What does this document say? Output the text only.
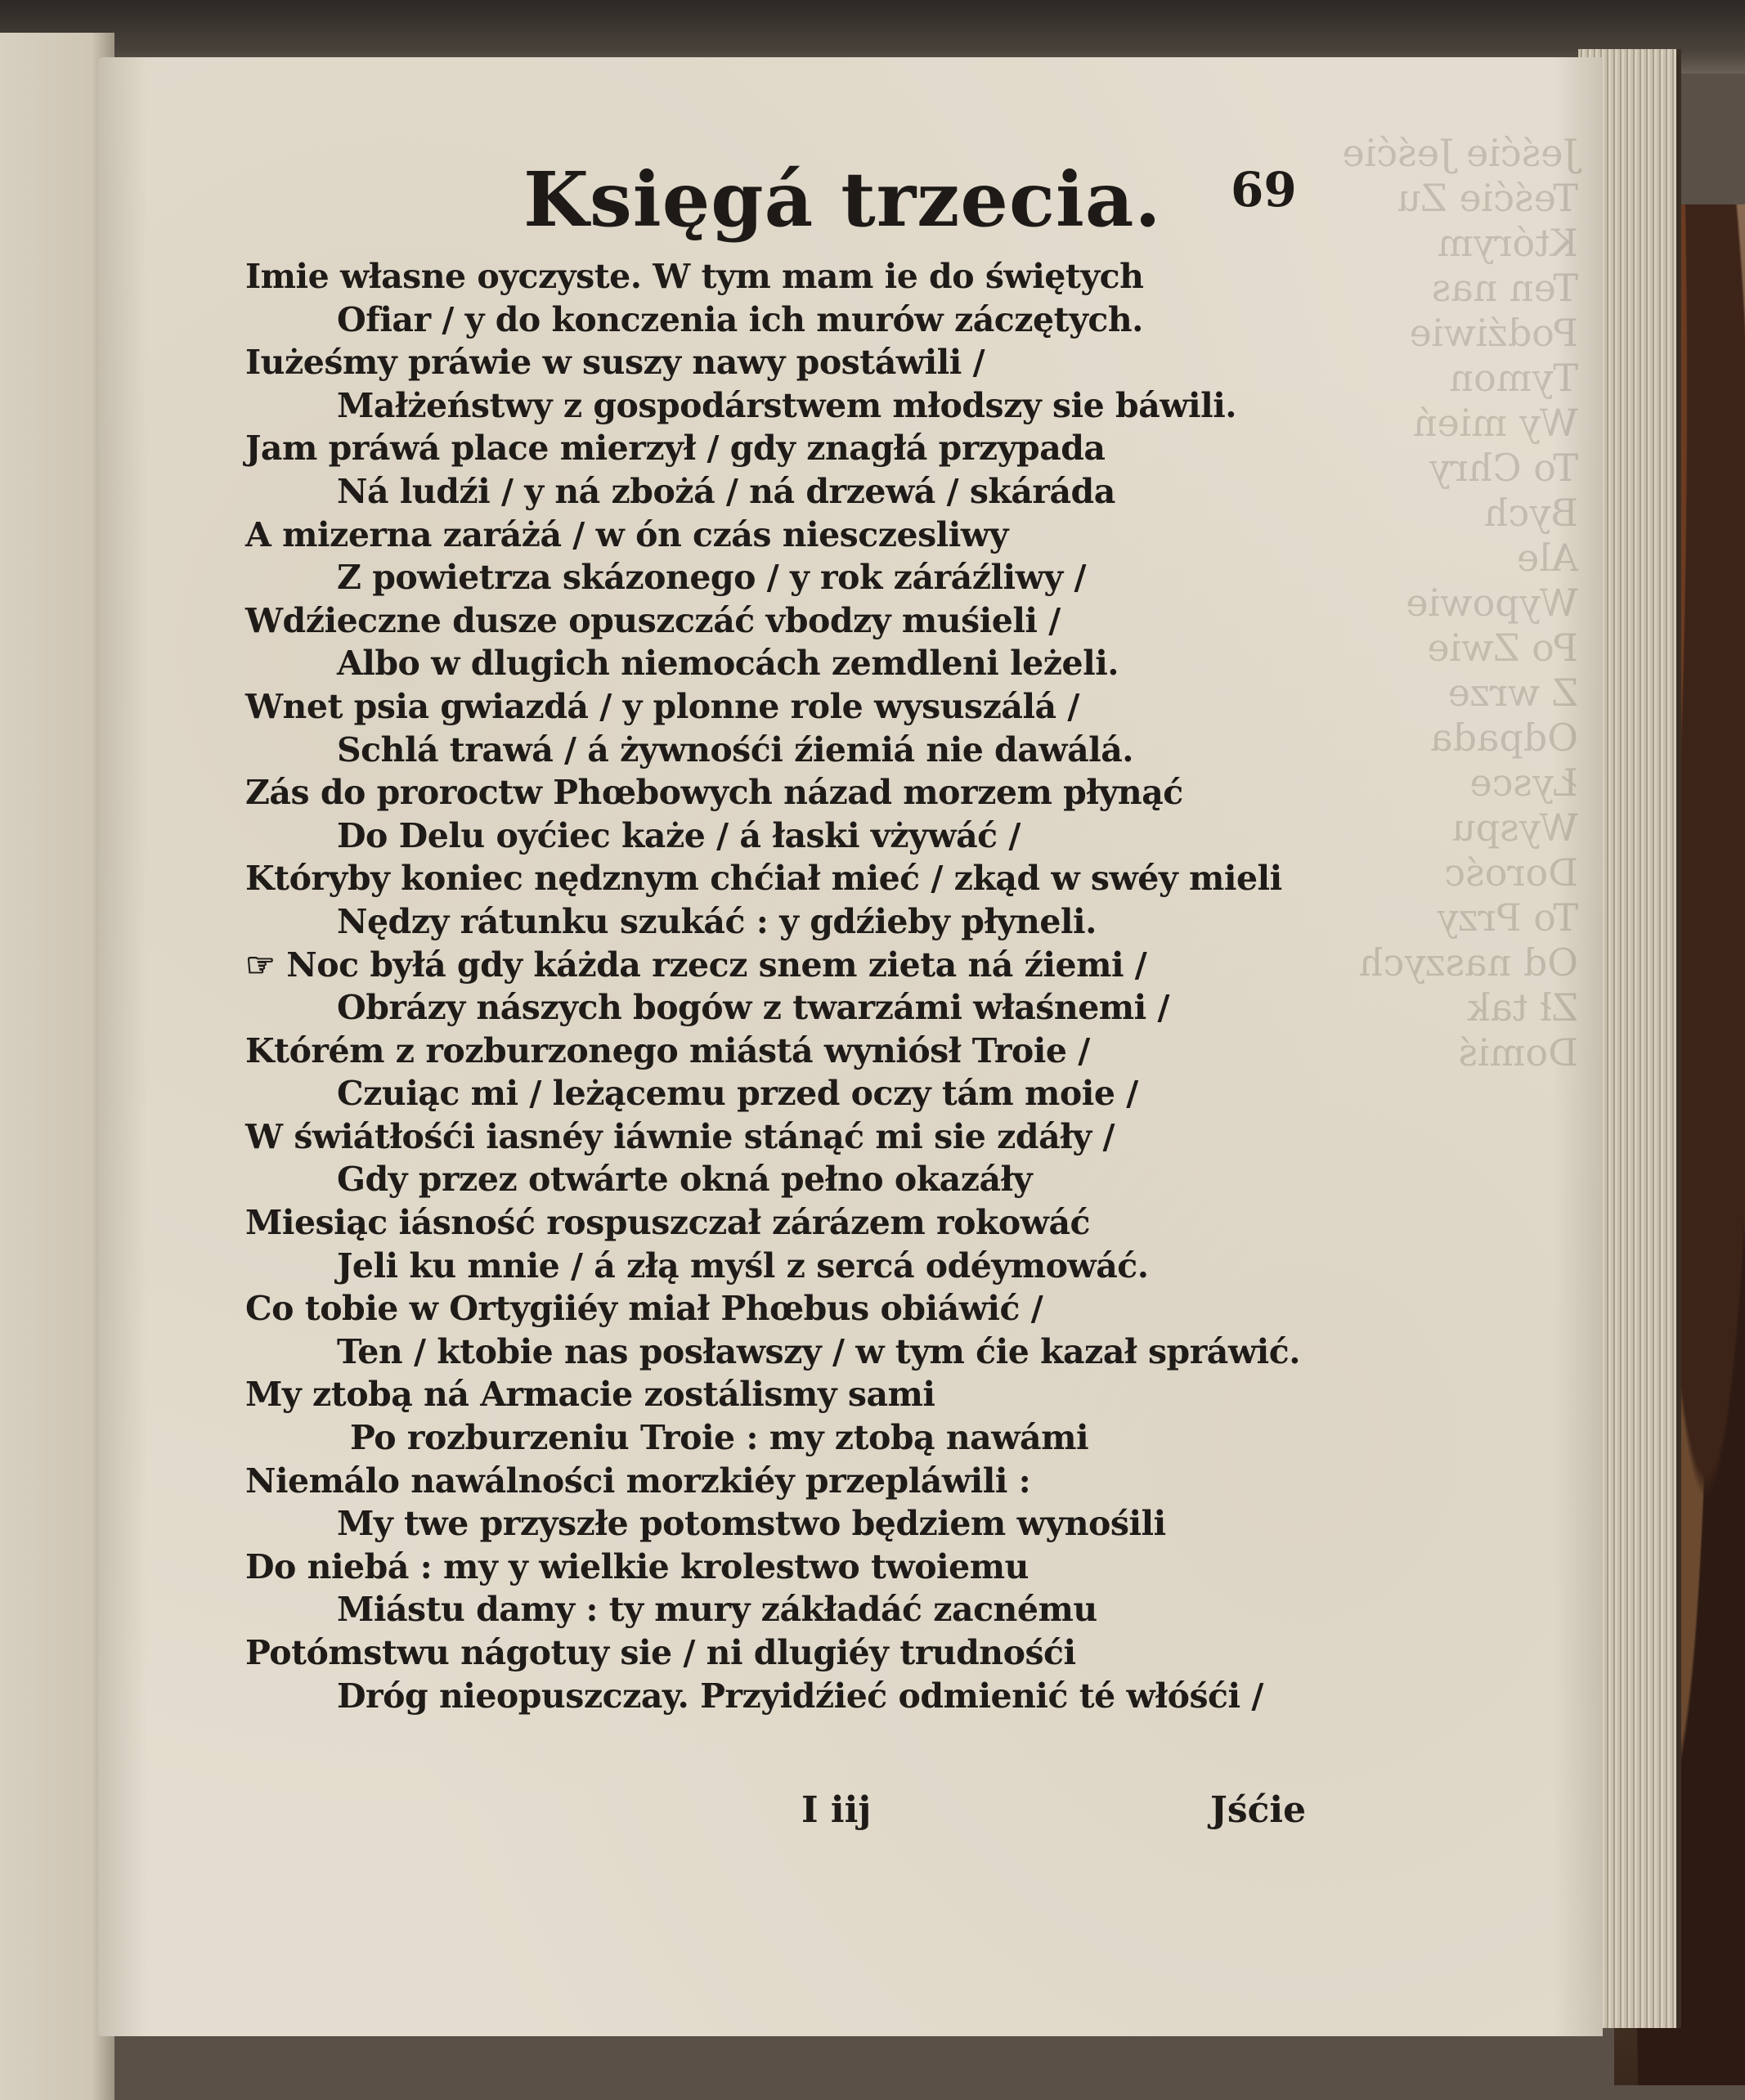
Jeśćie Jeśćie
Teśćie Zu
Którym
Ten nas
Podźiwie
Tymon
Wy mień
To Chry
Bych
Ale
Wypowie
Po Zwie
Z wrze
Odpada
Łysce
Wyspu
Dorośc
To Przy
Od naszych
Zł tak
Domiś
Księgá trzecia. 69
Imie własne oyczyste. W tym mam ie do świętych
Ofiar / y do konczenia ich murów záczętych.
Iużeśmy práwie w suszy nawy postáwili /
Małżeństwy z gospodárstwem młodszy sie báwili.
Jam práwá place mierzył / gdy znagłá przypada
Ná ludźi / y ná zbożá / ná drzewá / skáráda
A mizerna zaráżá / w ón czás niesczesliwy
Z powietrza skázonego / y rok záráźliwy /
Wdźieczne dusze opuszczáć vbodzy muśieli /
Albo w dlugich niemocách zemdleni leżeli.
Wnet psia gwiazdá / y plonne role wysuszálá /
Schlá trawá / á żywnośći źiemiá nie dawálá.
Zás do proroctw Phœbowych názad morzem płynąć
Do Delu oyćiec każe / á łaski vżywáć /
Któryby koniec nędznym chćiał mieć / zkąd w swéy mieli
Nędzy rátunku szukáć : y gdźieby płyneli.
☞ Noc byłá gdy káżda rzecz snem zieta ná źiemi /
Obrázy nászych bogów z twarzámi właśnemi /
Którém z rozburzonego miástá wyniósł Troie /
Czuiąc mi / leżącemu przed oczy tám moie /
W świátłośći iasnéy iáwnie stánąć mi sie zdáły /
Gdy przez otwárte okná pełno okazáły
Miesiąc iásność rospuszczał zárázem rokowáć
Jeli ku mnie / á złą myśl z sercá odéymowáć.
Co tobie w Ortygiiéy miał Phœbus obiáwić /
Ten / ktobie nas posławszy / w tym ćie kazał spráwić.
My ztobą ná Armacie zostálismy sami
Po rozburzeniu Troie : my ztobą nawámi
Niemálo nawálności morzkiéy przepláwili :
My twe przyszłe potomstwo będziem wynośili
Do niebá : my y wielkie krolestwo twoiemu
Miástu damy : ty mury zákładáć zacnému
Potómstwu nágotuy sie / ni dlugiéy trudnośći
Dróg nieopuszczay. Przyidźieć odmienić té włóśći /
I iij	Jśćie
